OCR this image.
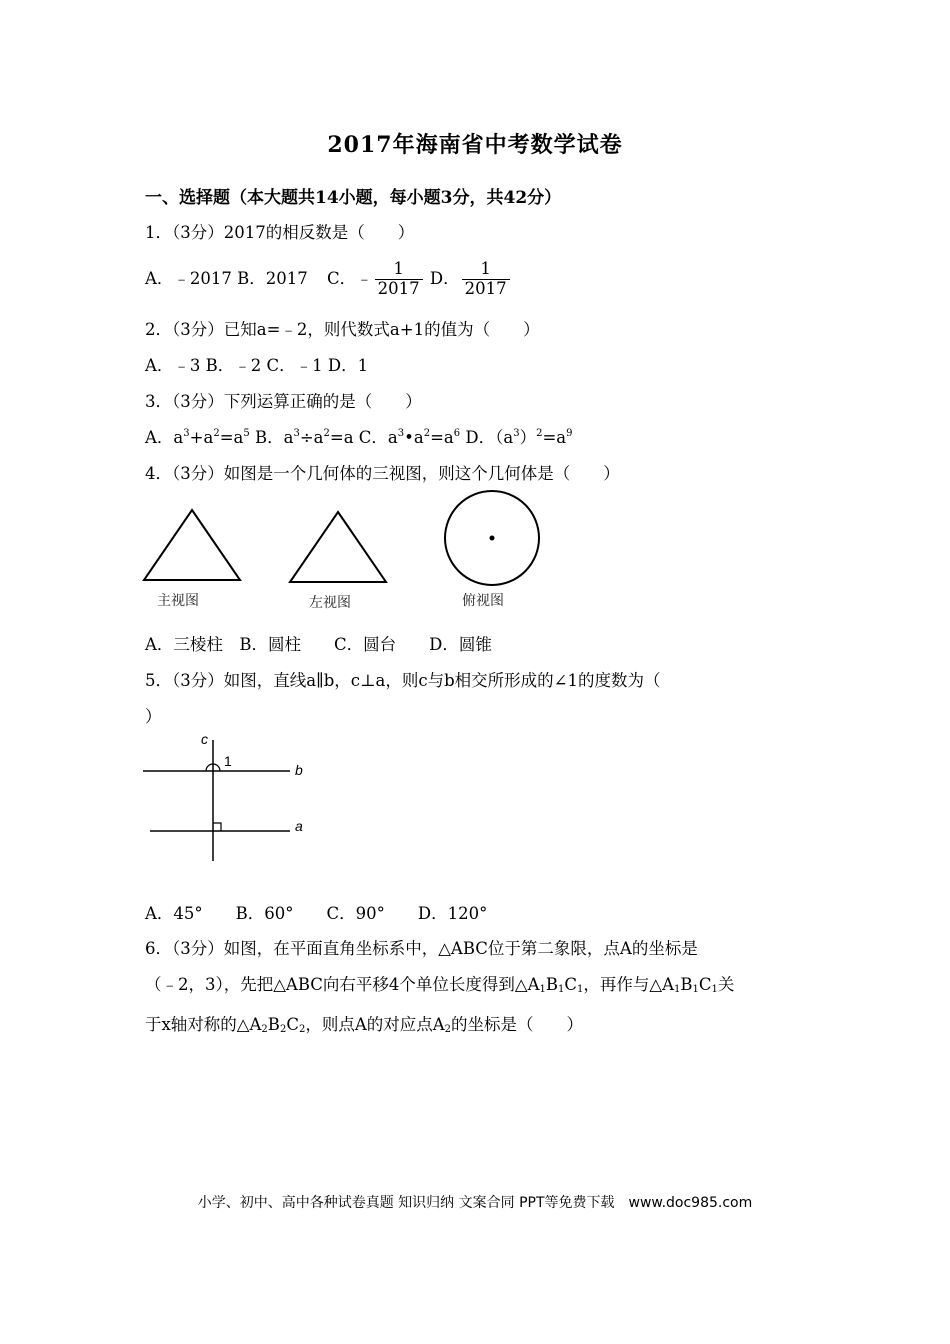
2017年海南省中考数学试卷
一、选择题（本大题共14小题，每小题3分，共42分）
1．（3分）2017的相反数是（　　）
A．﹣2017 B．2017 C．﹣ $\frac{1}{2017}$ D． $\frac{1}{2017}$
2．（3分）已知a=﹣2，则代数式a+1的值为（　　）
A．﹣3 B．﹣2 C．﹣1 D．1
3．（3分）下列运算正确的是（　　）
A．$a^3+a^2=a^5$ B．$a^3\div a^2=a$ C．$a^3•a^2=a^6$ D．$(a^3)^2=a^9$
4．（3分）如图是一个几何体的三视图，则这个几何体是（　　）
主视图	左视图	俯视图
A．三棱柱　B．圆柱　　C．圆台　　D．圆锥
5．（3分）如图，直线a∥b，c⊥a，则c与b相交所形成的∠1的度数为（
）
c
1
b
a
A．45°　　B．60°　　C．90°　　D．120°
6．（3分）如图，在平面直角坐标系中，△ABC位于第二象限，点A的坐标是
（﹣2，3），先把△ABC向右平移4个单位长度得到$\triangle A_1B_1C_1$，再作与$\triangle A_1B_1C_1$关
于x轴对称的$\triangle A_2B_2C_2$，则点A的对应点$A_2$的坐标是（　　）
小学、初中、高中各种试卷真题 知识归纳 文案合同 PPT等免费下载　www.doc985.com
